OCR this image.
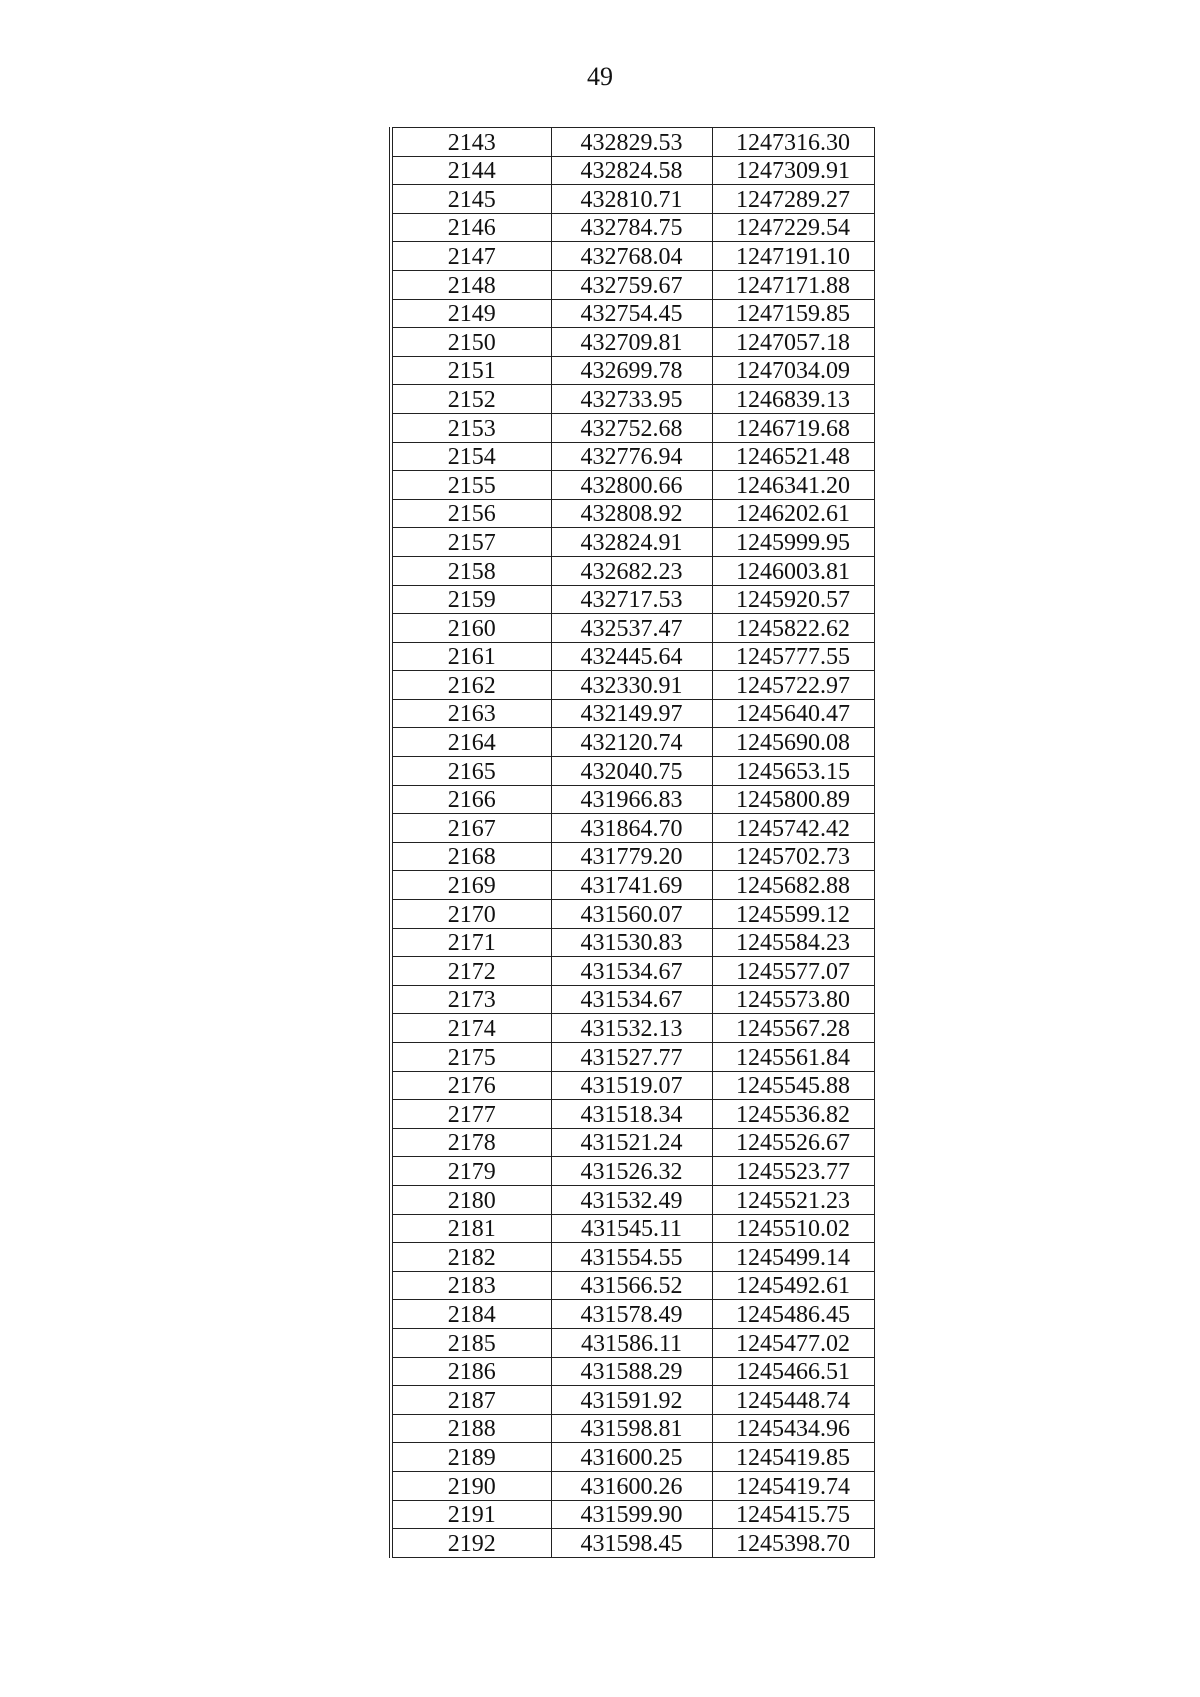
49
2143	432829.53	1247316.30
2144	432824.58	1247309.91
2145	432810.71	1247289.27
2146	432784.75	1247229.54
2147	432768.04	1247191.10
2148	432759.67	1247171.88
2149	432754.45	1247159.85
2150	432709.81	1247057.18
2151	432699.78	1247034.09
2152	432733.95	1246839.13
2153	432752.68	1246719.68
2154	432776.94	1246521.48
2155	432800.66	1246341.20
2156	432808.92	1246202.61
2157	432824.91	1245999.95
2158	432682.23	1246003.81
2159	432717.53	1245920.57
2160	432537.47	1245822.62
2161	432445.64	1245777.55
2162	432330.91	1245722.97
2163	432149.97	1245640.47
2164	432120.74	1245690.08
2165	432040.75	1245653.15
2166	431966.83	1245800.89
2167	431864.70	1245742.42
2168	431779.20	1245702.73
2169	431741.69	1245682.88
2170	431560.07	1245599.12
2171	431530.83	1245584.23
2172	431534.67	1245577.07
2173	431534.67	1245573.80
2174	431532.13	1245567.28
2175	431527.77	1245561.84
2176	431519.07	1245545.88
2177	431518.34	1245536.82
2178	431521.24	1245526.67
2179	431526.32	1245523.77
2180	431532.49	1245521.23
2181	431545.11	1245510.02
2182	431554.55	1245499.14
2183	431566.52	1245492.61
2184	431578.49	1245486.45
2185	431586.11	1245477.02
2186	431588.29	1245466.51
2187	431591.92	1245448.74
2188	431598.81	1245434.96
2189	431600.25	1245419.85
2190	431600.26	1245419.74
2191	431599.90	1245415.75
2192	431598.45	1245398.70
